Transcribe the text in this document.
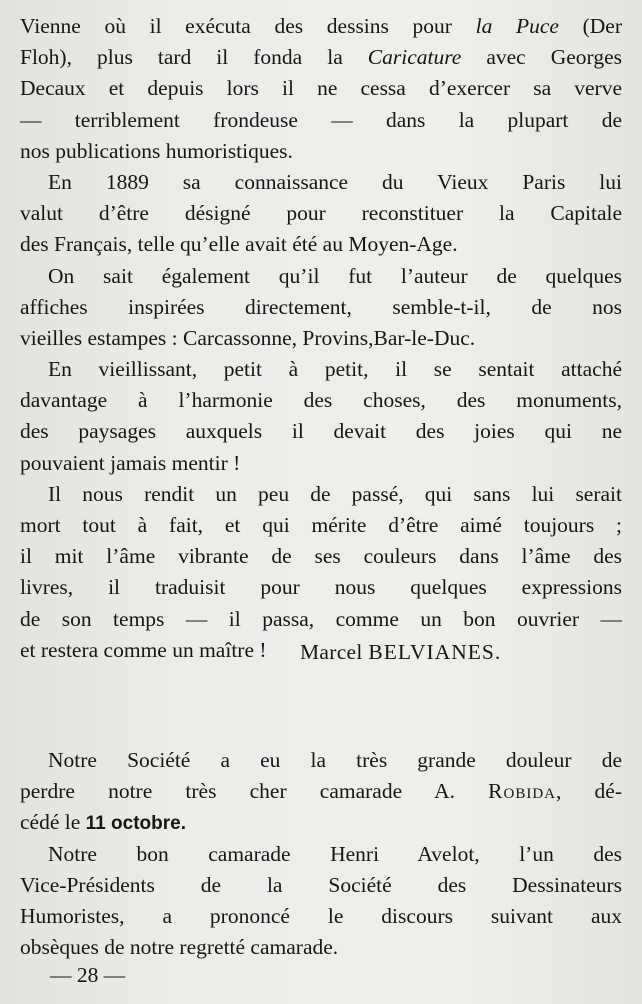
Vienne où il exécuta des dessins pour la Puce (Der
Floh), plus tard il fonda la Caricature avec Georges
Decaux et depuis lors il ne cessa d’exercer sa verve
— terriblement frondeuse — dans la plupart de
nos publications humoristiques.
En 1889 sa connaissance du Vieux Paris lui
valut d’être désigné pour reconstituer la Capitale
des Français, telle qu’elle avait été au Moyen-Age.
On sait également qu’il fut l’auteur de quelques
affiches inspirées directement, semble-t-il, de nos
vieilles estampes : Carcassonne, Provins,Bar-le-Duc.
En vieillissant, petit à petit, il se sentait attaché
davantage à l’harmonie des choses, des monuments,
des paysages auxquels il devait des joies qui ne
pouvaient jamais mentir !
Il nous rendit un peu de passé, qui sans lui serait
mort tout à fait, et qui mérite d’être aimé toujours ;
il mit l’âme vibrante de ses couleurs dans l’âme des
livres, il traduisit pour nous quelques expressions
de son temps — il passa, comme un bon ouvrier —
et restera comme un maître !	Marcel BELVIANES.
Notre Société a eu la très grande douleur de
perdre notre très cher camarade A. Robida, dé-
cédé le 11 octobre.
Notre bon camarade Henri Avelot, l’un des
Vice-Présidents de la Société des Dessinateurs
Humoristes, a prononcé le discours suivant aux
obsèques de notre regretté camarade.
— 28 —
